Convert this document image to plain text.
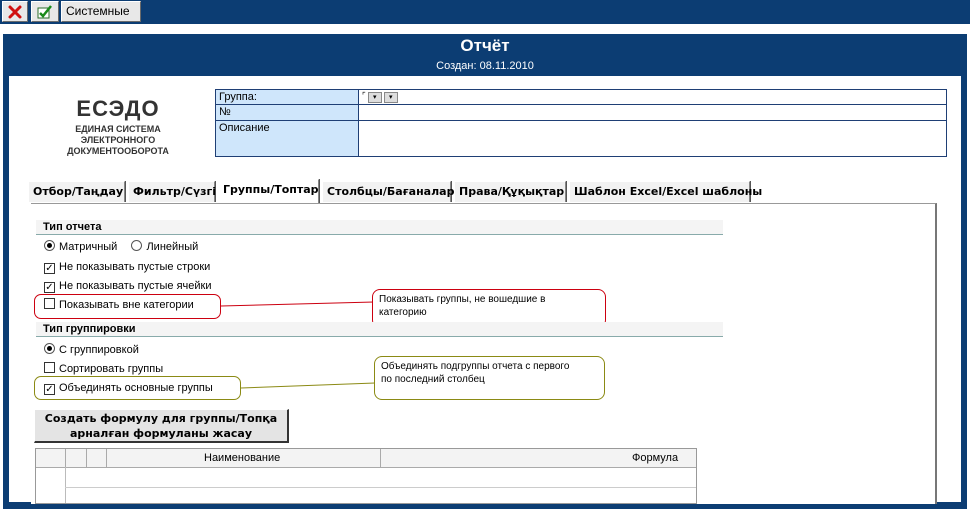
Системные
Отчёт
Создан: 08.11.2010
ЕСЭДО
ЕДИНАЯ СИСТЕМА
ЭЛЕКТРОННОГО
ДОКУМЕНТООБОРОТА
Группа:	⌜ ▾ ▾
№	
Описание	
Отбор/Таңдау Фильтр/Сүзгі Группы/Топтар Столбцы/Бағаналар Права/Құқықтар Шаблон Excel/Excel шаблоны
Тип отчета
Матричный	Линейный
✓ Не показывать пустые строки
✓ Не показывать пустые ячейки
Показывать вне категории	Показывать группы, не вошедшие в
категорию
Тип группировки
С группировкой
Сортировать группы
✓ Объединять основные группы
Объединять подгруппы отчета с первого
по последний столбец
Создать формулу для группы/Топқа
арналған формуланы жасау
Наименование	Формула
